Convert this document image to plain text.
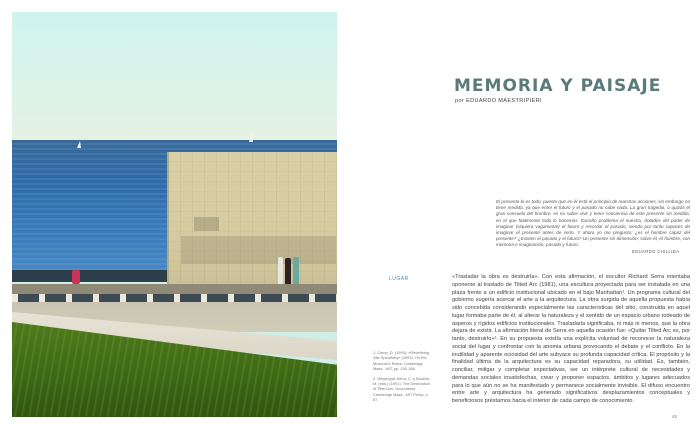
MEMORIA Y PAISAJE
por EDUARDO MAESTRIPIERI
El presente lo es todo, puesto que en él está el principio de nuestras acciones, sin embargo no tiene medida, ya que entre el futuro y el pasado no cabe nada. La gran tragedia, o quizás el gran consuelo del hombre, es no saber vivir y tener conciencia de este presente sin medida, en el que fatalmente todo lo hacemos. Extraño problema el nuestro, dotados del poder de imaginar (siquiera vagamente) el futuro y recordar el pasado, siendo por tanto capaces de imaginar el presente antes de serlo. Y ahora yo me pregunto: ¿es el hombre capaz del presente? ¿Existen el pasado y el futuro? Un presente sin dimensión; sobre él, el hombre, con memoria e imaginación, pasado y futuro.
EDUARDO CHILLIDA
LUGAR	«Trasladar la obra es destruirla». Con esta afirmación, el escultor Richard Serra intentaba oponerse al traslado de Tilted Arc (1981), una escultura proyectada para ser instalada en una plaza frente a un edificio institucional ubicado en el bajo Manhattan¹. Un programa cultural del gobierno sugería acercar el arte a la arquitectura. La obra surgida de aquella propuesta había sido concebida considerando especialmente las características del sitio, construida en aquel lugar formaba parte de él, al alterar la naturaleza y el sentido de un espacio urbano rodeado de ásperos y rígidos edificios institucionales. Trasladarla significaba, ni más ni menos, que la obra dejara de existir. La afirmación literal de Serra en aquella ocasión fue: «Quitar Tilted Arc es, por tanto, destruirlo»². En su propuesta existía una explícita voluntad de reconocer la naturaleza social del lugar y confrontar con la anomia urbana provocando el debate y el conflicto. En la inutilidad y aparente ociosidad del arte subyace su profunda capacidad crítica. El propósito y la finalidad última de la arquitectura es su capacidad reparadora, su utilidad. Es, también, conciliar, mitigar y completar expectativas, ser un intérprete cultural de necesidades y demandas sociales insatisfechas, crear y proponer espacios, ámbitos y lugares adecuados para lo que aún no se ha manifestado y permanece socialmente invisible. El difuso encuentro entre arte y arquitectura ha generado significativos desplazamientos conceptuales y beneficiosos préstamos hacia el interior de cada campo de conocimiento.

1. Crimp, D. (1993). «Redefining Site Specificity» (1993). On the Museum's Ruins. Cambridge Mass.: MIT, pp. 150-186.

2. Weyergraf-Serra, C. y Buskirk, M. (eds.) (1991). The Destruction of Tilted Arc: Documents. Cambridge Mass.: MIT Press, p. 67.

45
